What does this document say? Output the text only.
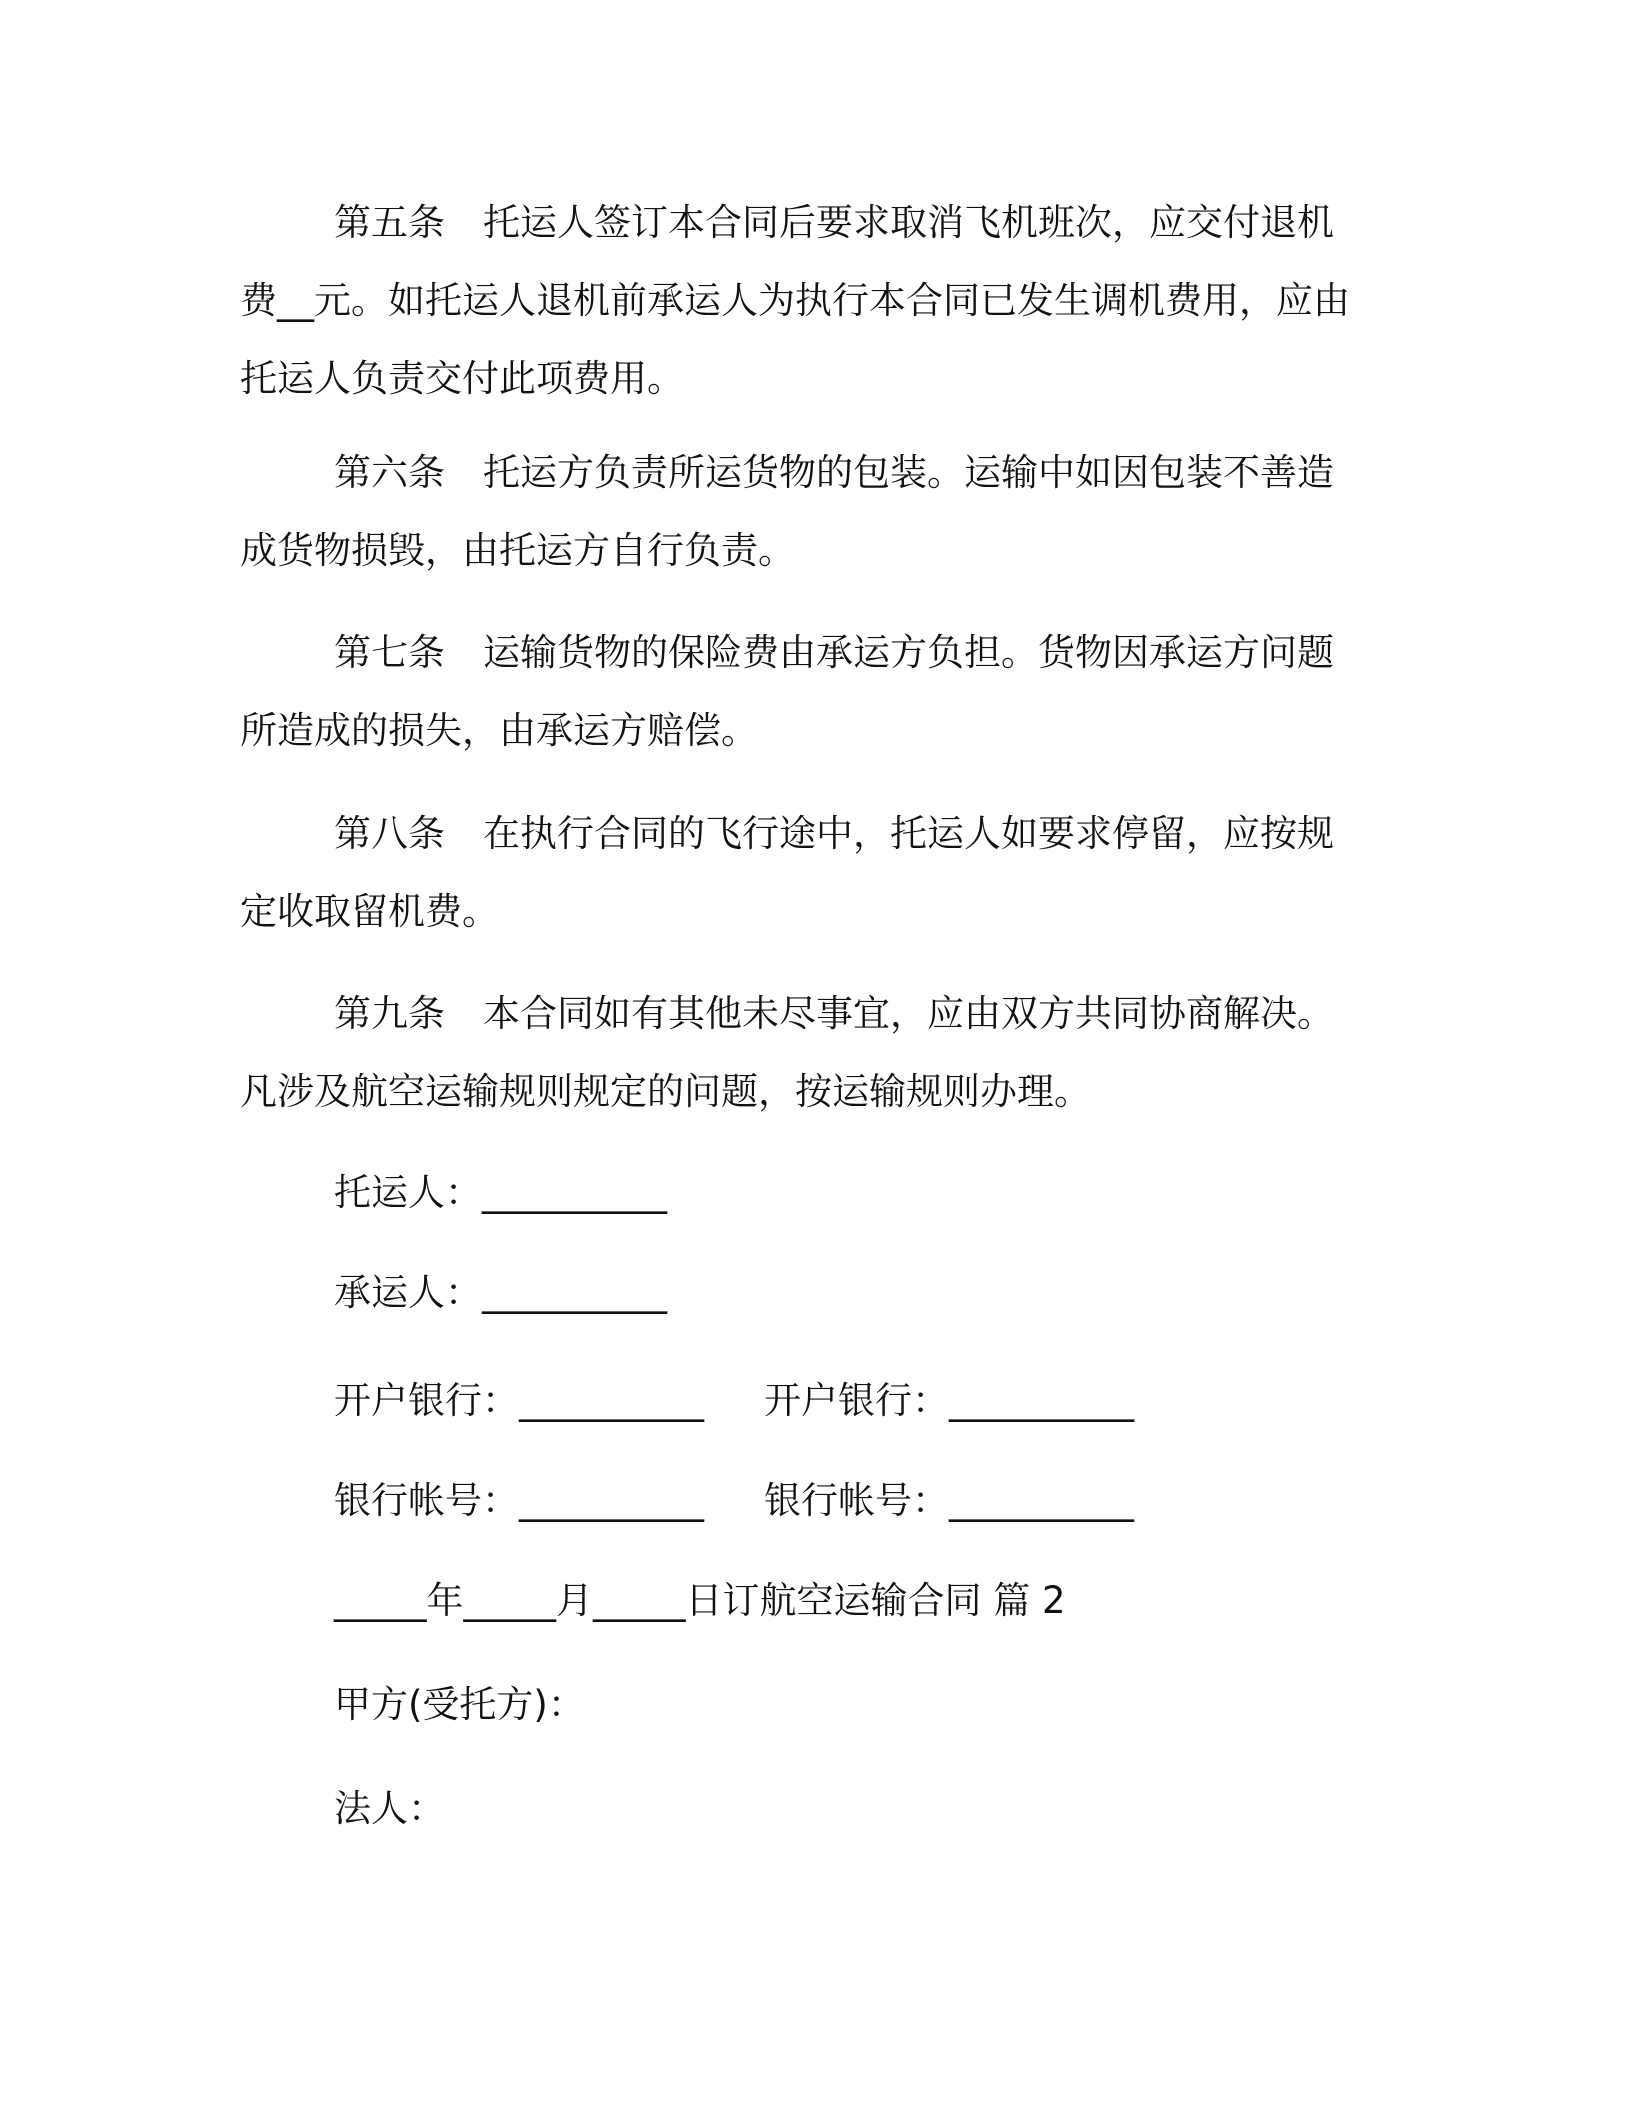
第五条 托运人签订本合同后要求取消飞机班次，应交付退机费__元。如托运人退机前承运人为执行本合同已发生调机费用，应由托运人负责交付此项费用。

第六条 托运方负责所运货物的包装。运输中如因包装不善造成货物损毁，由托运方自行负责。

第七条 运输货物的保险费由承运方负担。货物因承运方问题所造成的损失，由承运方赔偿。

第八条 在执行合同的飞行途中，托运人如要求停留，应按规定收取留机费。

第九条 本合同如有其他未尽事宜，应由双方共同协商解决。凡涉及航空运输规则规定的问题，按运输规则办理。

托运人：__________

承运人：__________

开户银行：__________ 开户银行：__________

银行帐号：__________ 银行帐号：__________

_____年_____月_____日订航空运输合同 篇 2

甲方(受托方)：

法人：
